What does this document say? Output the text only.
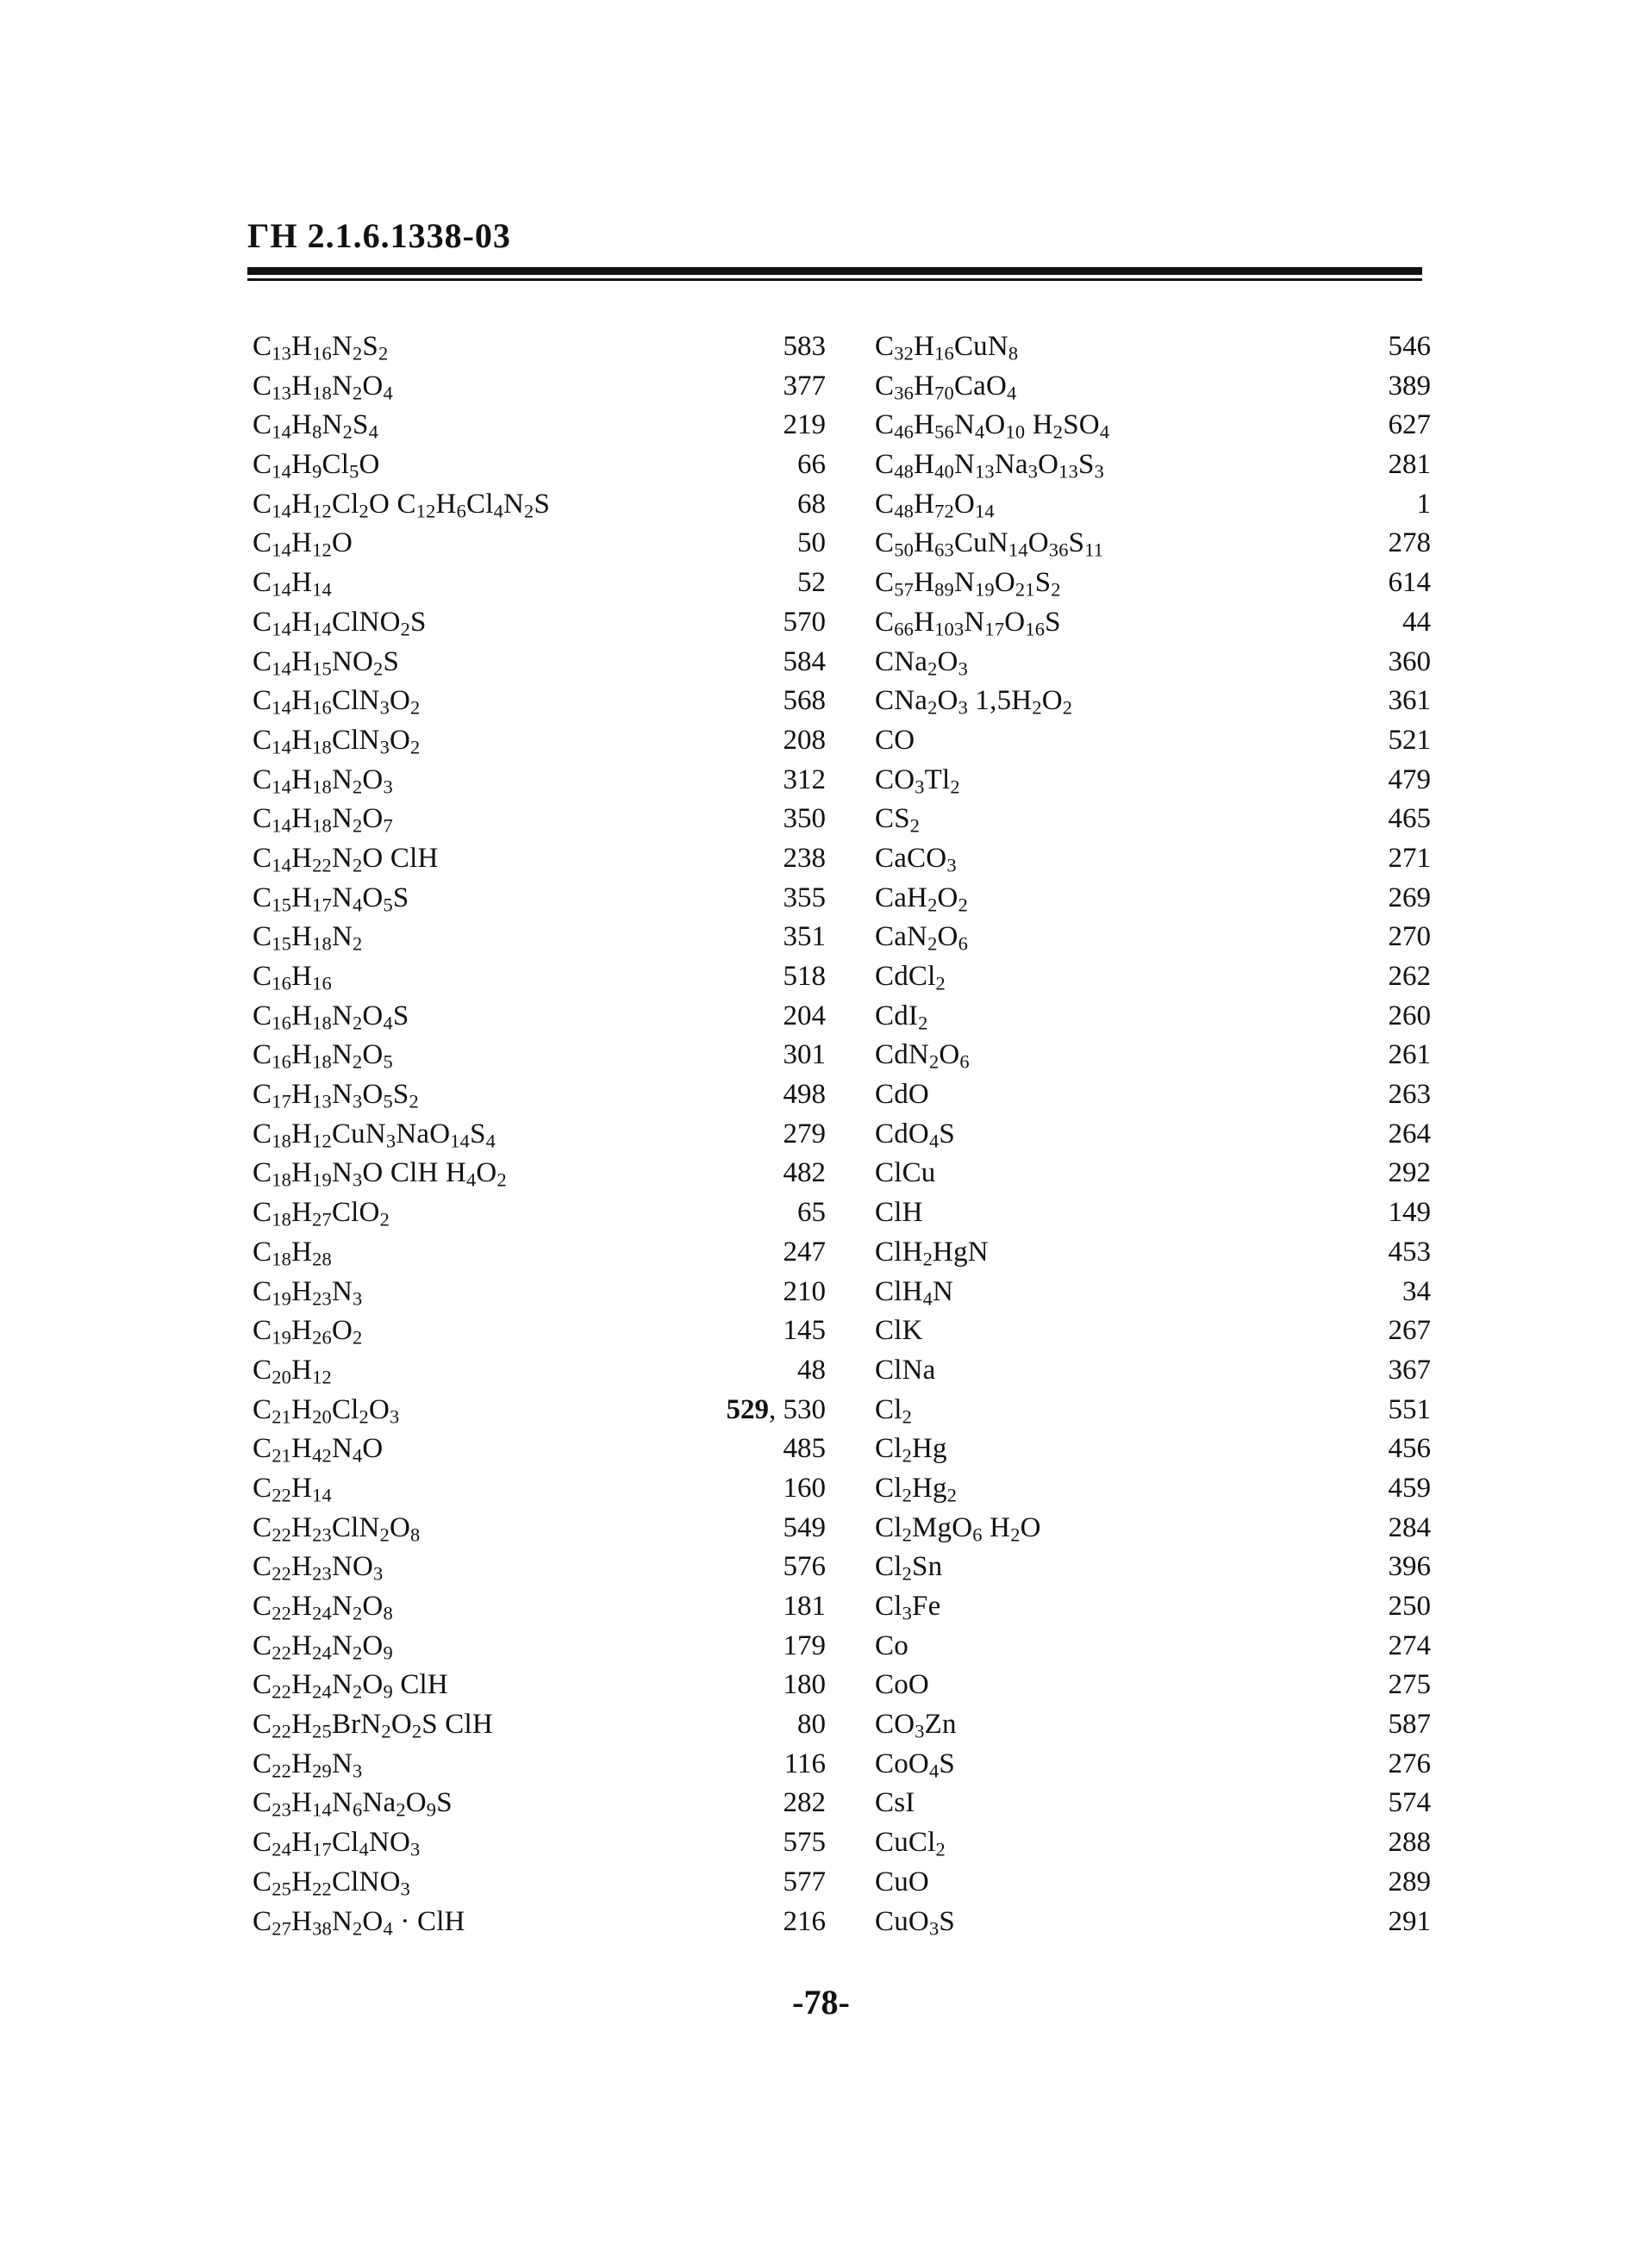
ГН 2.1.6.1338-03
$C_{13}H_{16}N_2S_2$	583
$C_{13}H_{18}N_2O_4$	377
$C_{14}H_8N_2S_4$	219
$C_{14}H_9Cl_5O$	66
$C_{14}H_{12}Cl_2O$ $C_{12}H_6Cl_4N_2S$	68
$C_{14}H_{12}O$	50
$C_{14}H_{14}$	52
$C_{14}H_{14}ClNO_2S$	570
$C_{14}H_{15}NO_2S$	584
$C_{14}H_{16}ClN_3O_2$	568
$C_{14}H_{18}ClN_3O_2$	208
$C_{14}H_{18}N_2O_3$	312
$C_{14}H_{18}N_2O_7$	350
$C_{14}H_{22}N_2O$ ClH	238
$C_{15}H_{17}N_4O_5S$	355
$C_{15}H_{18}N_2$	351
$C_{16}H_{16}$	518
$C_{16}H_{18}N_2O_4S$	204
$C_{16}H_{18}N_2O_5$	301
$C_{17}H_{13}N_3O_5S_2$	498
$C_{18}H_{12}CuN_3NaO_{14}S_4$	279
$C_{18}H_{19}N_3O$ ClH $H_4O_2$	482
$C_{18}H_{27}ClO_2$	65
$C_{18}H_{28}$	247
$C_{19}H_{23}N_3$	210
$C_{19}H_{26}O_2$	145
$C_{20}H_{12}$	48
$C_{21}H_{20}Cl_2O_3$	529, 530
$C_{21}H_{42}N_4O$	485
$C_{22}H_{14}$	160
$C_{22}H_{23}ClN_2O_8$	549
$C_{22}H_{23}NO_3$	576
$C_{22}H_{24}N_2O_8$	181
$C_{22}H_{24}N_2O_9$	179
$C_{22}H_{24}N_2O_9$ ClH	180
$C_{22}H_{25}BrN_2O_2S$ ClH	80
$C_{22}H_{29}N_3$	116
$C_{23}H_{14}N_6Na_2O_9S$	282
$C_{24}H_{17}Cl_4NO_3$	575
$C_{25}H_{22}ClNO_3$	577
$C_{27}H_{38}N_2O_4$ · ClH	216
$C_{32}H_{16}CuN_8$	546
$C_{36}H_{70}CaO_4$	389
$C_{46}H_{56}N_4O_{10}$ $H_2SO_4$	627
$C_{48}H_{40}N_{13}Na_3O_{13}S_3$	281
$C_{48}H_{72}O_{14}$	1
$C_{50}H_{63}CuN_{14}O_{36}S_{11}$	278
$C_{57}H_{89}N_{19}O_{21}S_2$	614
$C_{66}H_{103}N_{17}O_{16}S$	44
$CNa_2O_3$	360
$CNa_2O_3$ $1,5H_2O_2$	361
CO	521
$CO_3Tl_2$	479
$CS_2$	465
CaCO$_3$	271
$CaH_2O_2$	269
$CaN_2O_6$	270
CdCl$_2$	262
CdI$_2$	260
$CdN_2O_6$	261
CdO	263
CdO$_4$S	264
ClCu	292
ClH	149
ClH$_2$HgN	453
ClH$_4$N	34
ClK	267
ClNa	367
$Cl_2$	551
$Cl_2Hg$	456
$Cl_2Hg_2$	459
$Cl_2MgO_6$ $H_2O$	284
$Cl_2Sn$	396
$Cl_3Fe$	250
Co	274
CoO	275
$CO_3Zn$	587
CoO$_4$S	276
CsI	574
CuCl$_2$	288
CuO	289
CuO$_3$S	291
-78-
